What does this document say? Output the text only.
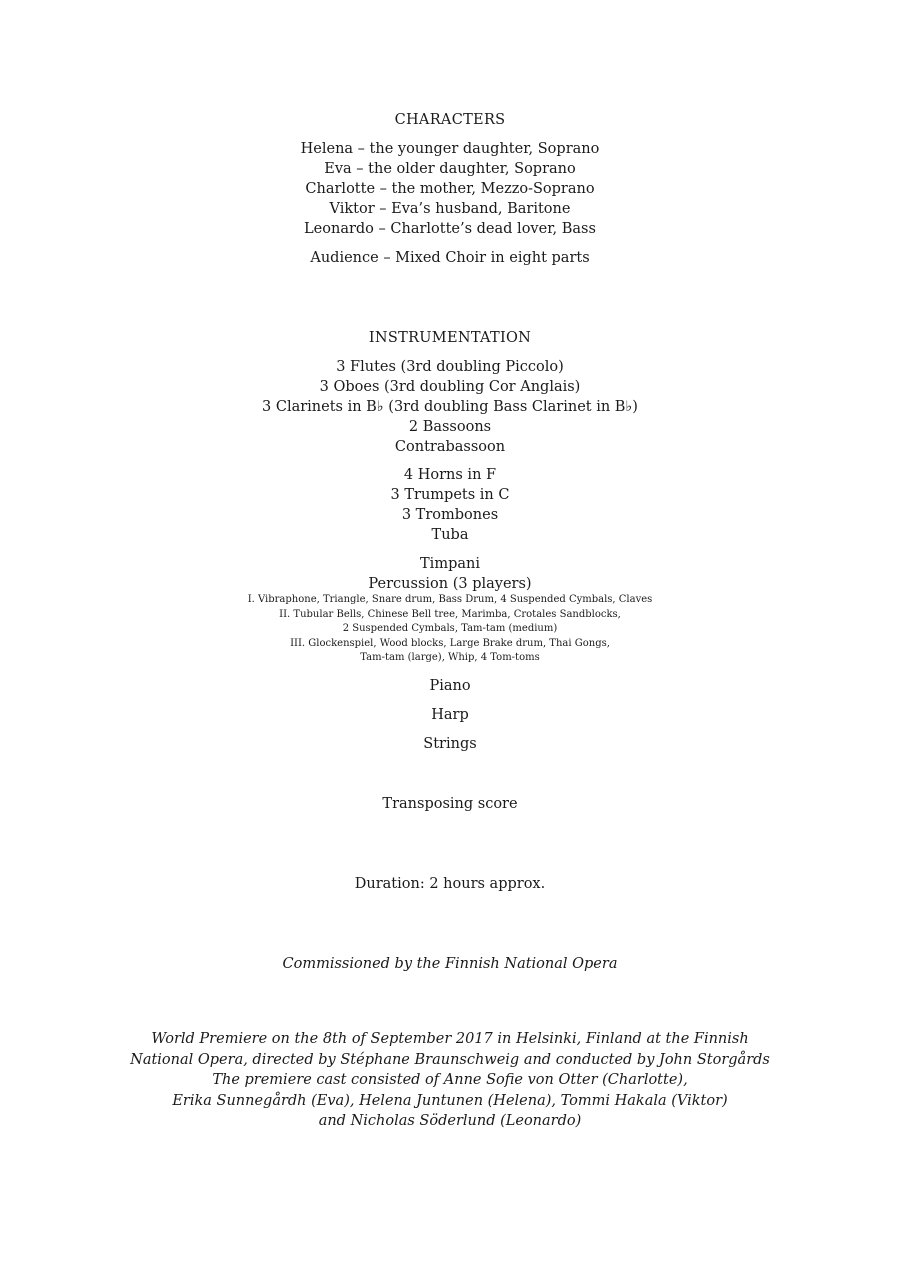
CHARACTERS
Helena – the younger daughter, Soprano
Eva – the older daughter, Soprano
Charlotte – the mother, Mezzo-Soprano
Viktor – Eva’s husband, Baritone
Leonardo – Charlotte’s dead lover, Bass
Audience – Mixed Choir in eight parts
INSTRUMENTATION
3 Flutes (3rd doubling Piccolo)
3 Oboes (3rd doubling Cor Anglais)
3 Clarinets in B♭ (3rd doubling Bass Clarinet in B♭)
2 Bassoons
Contrabassoon
4 Horns in F
3 Trumpets in C
3 Trombones
Tuba
Timpani
Percussion (3 players)
I. Vibraphone, Triangle, Snare drum, Bass Drum, 4 Suspended Cymbals, Claves
II. Tubular Bells, Chinese Bell tree, Marimba, Crotales Sandblocks,
2 Suspended Cymbals, Tam-tam (medium)
III. Glockenspiel, Wood blocks, Large Brake drum, Thai Gongs,
Tam-tam (large), Whip, 4 Tom-toms
Piano
Harp
Strings
Transposing score
Duration: 2 hours approx.
Commissioned by the Finnish National Opera
World Premiere on the 8th of September 2017 in Helsinki, Finland at the Finnish
National Opera, directed by Stéphane Braunschweig and conducted by John Storgårds
The premiere cast consisted of Anne Sofie von Otter (Charlotte),
Erika Sunnegårdh (Eva), Helena Juntunen (Helena), Tommi Hakala (Viktor)
and Nicholas Söderlund (Leonardo)
